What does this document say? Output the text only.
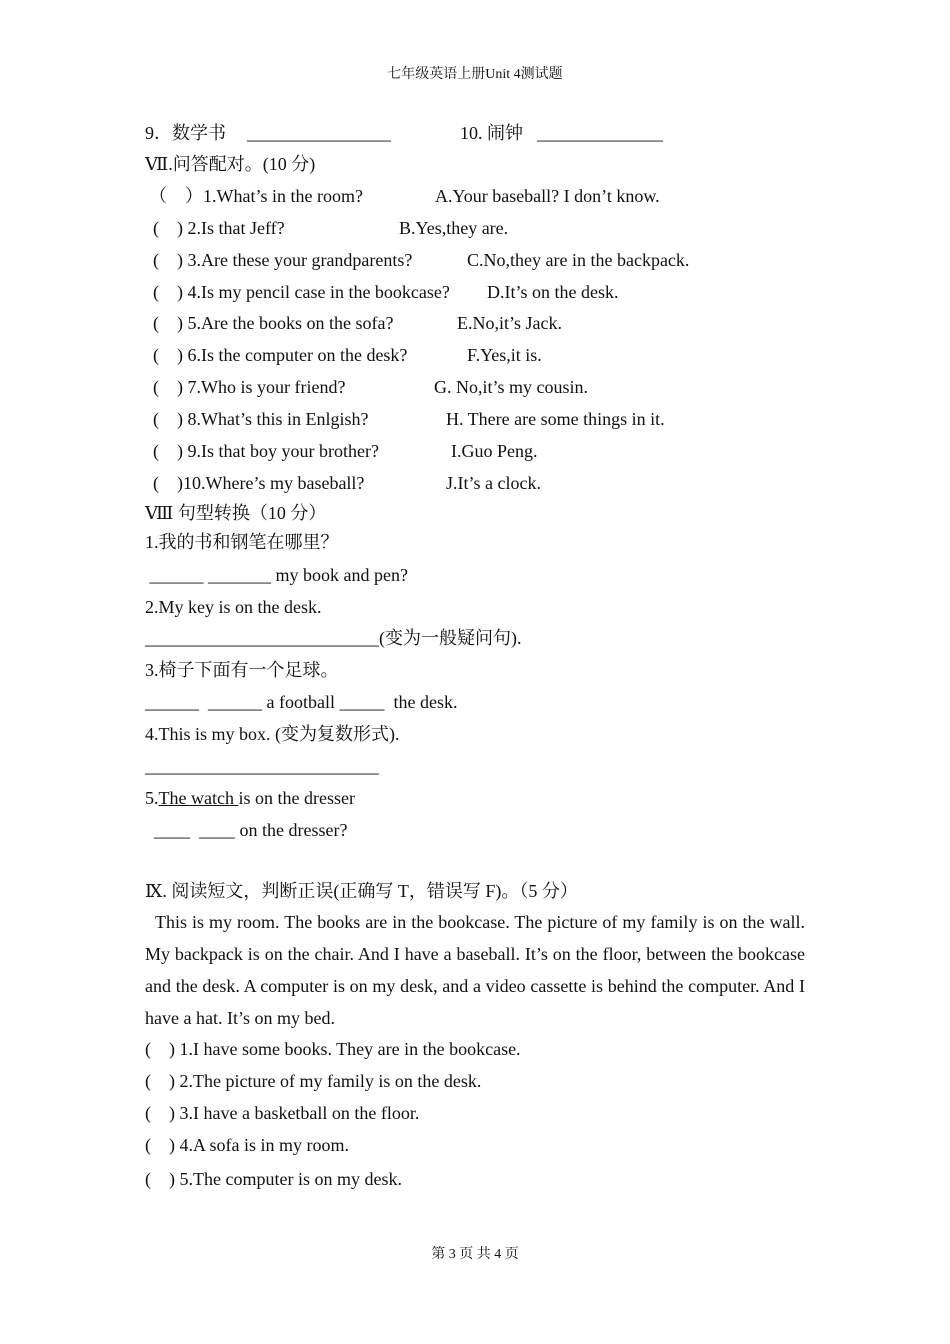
七年级英语上册Unit 4测试题
9．数学书 ________________	10. 闹钟 ______________
Ⅶ.问答配对。(10 分)
（    ）1.What’s in the room?	A.Your baseball? I don’t know.
(    ) 2.Is that Jeff?	B.Yes,they are.
(    ) 3.Are these your grandparents?	C.No,they are in the backpack.
(    ) 4.Is my pencil case in the bookcase? D.It’s on the desk.
(    ) 5.Are the books on the sofa?	E.No,it’s Jack.
(    ) 6.Is the computer on the desk?	F.Yes,it is.
(    ) 7.Who is your friend?	G. No,it’s my cousin.
(    ) 8.What’s this in Enlgish?	H. There are some things in it.
(    ) 9.Is that boy your brother?	I.Guo Peng.
(    )10.Where’s my baseball?	J.It’s a clock.
Ⅷ 句型转换（10 分）
1.我的书和钢笔在哪里？
______ _______ my book and pen?
2.My key is on the desk.
__________________________(变为一般疑问句).
3.椅子下面有一个足球。
______  ______ a football _____  the desk.
4.This is my box. (变为复数形式).
__________________________
5.The watch is on the dresser
____  ____ on the dresser?
Ⅸ. 阅读短文，判断正误(正确写 T，错误写 F)。（5 分）
This is my room. The books are in the bookcase. The picture of my family is on the wall. My backpack is on the chair. And I have a baseball. It’s on the floor, between the bookcase and the desk. A computer is on my desk, and a video cassette is behind the computer. And I have a hat. It’s on my bed.
(    ) 1.I have some books. They are in the bookcase.
(    ) 2.The picture of my family is on the desk.
(    ) 3.I have a basketball on the floor.
(    ) 4.A sofa is in my room.
(    ) 5.The computer is on my desk.
第 3 页 共 4 页
